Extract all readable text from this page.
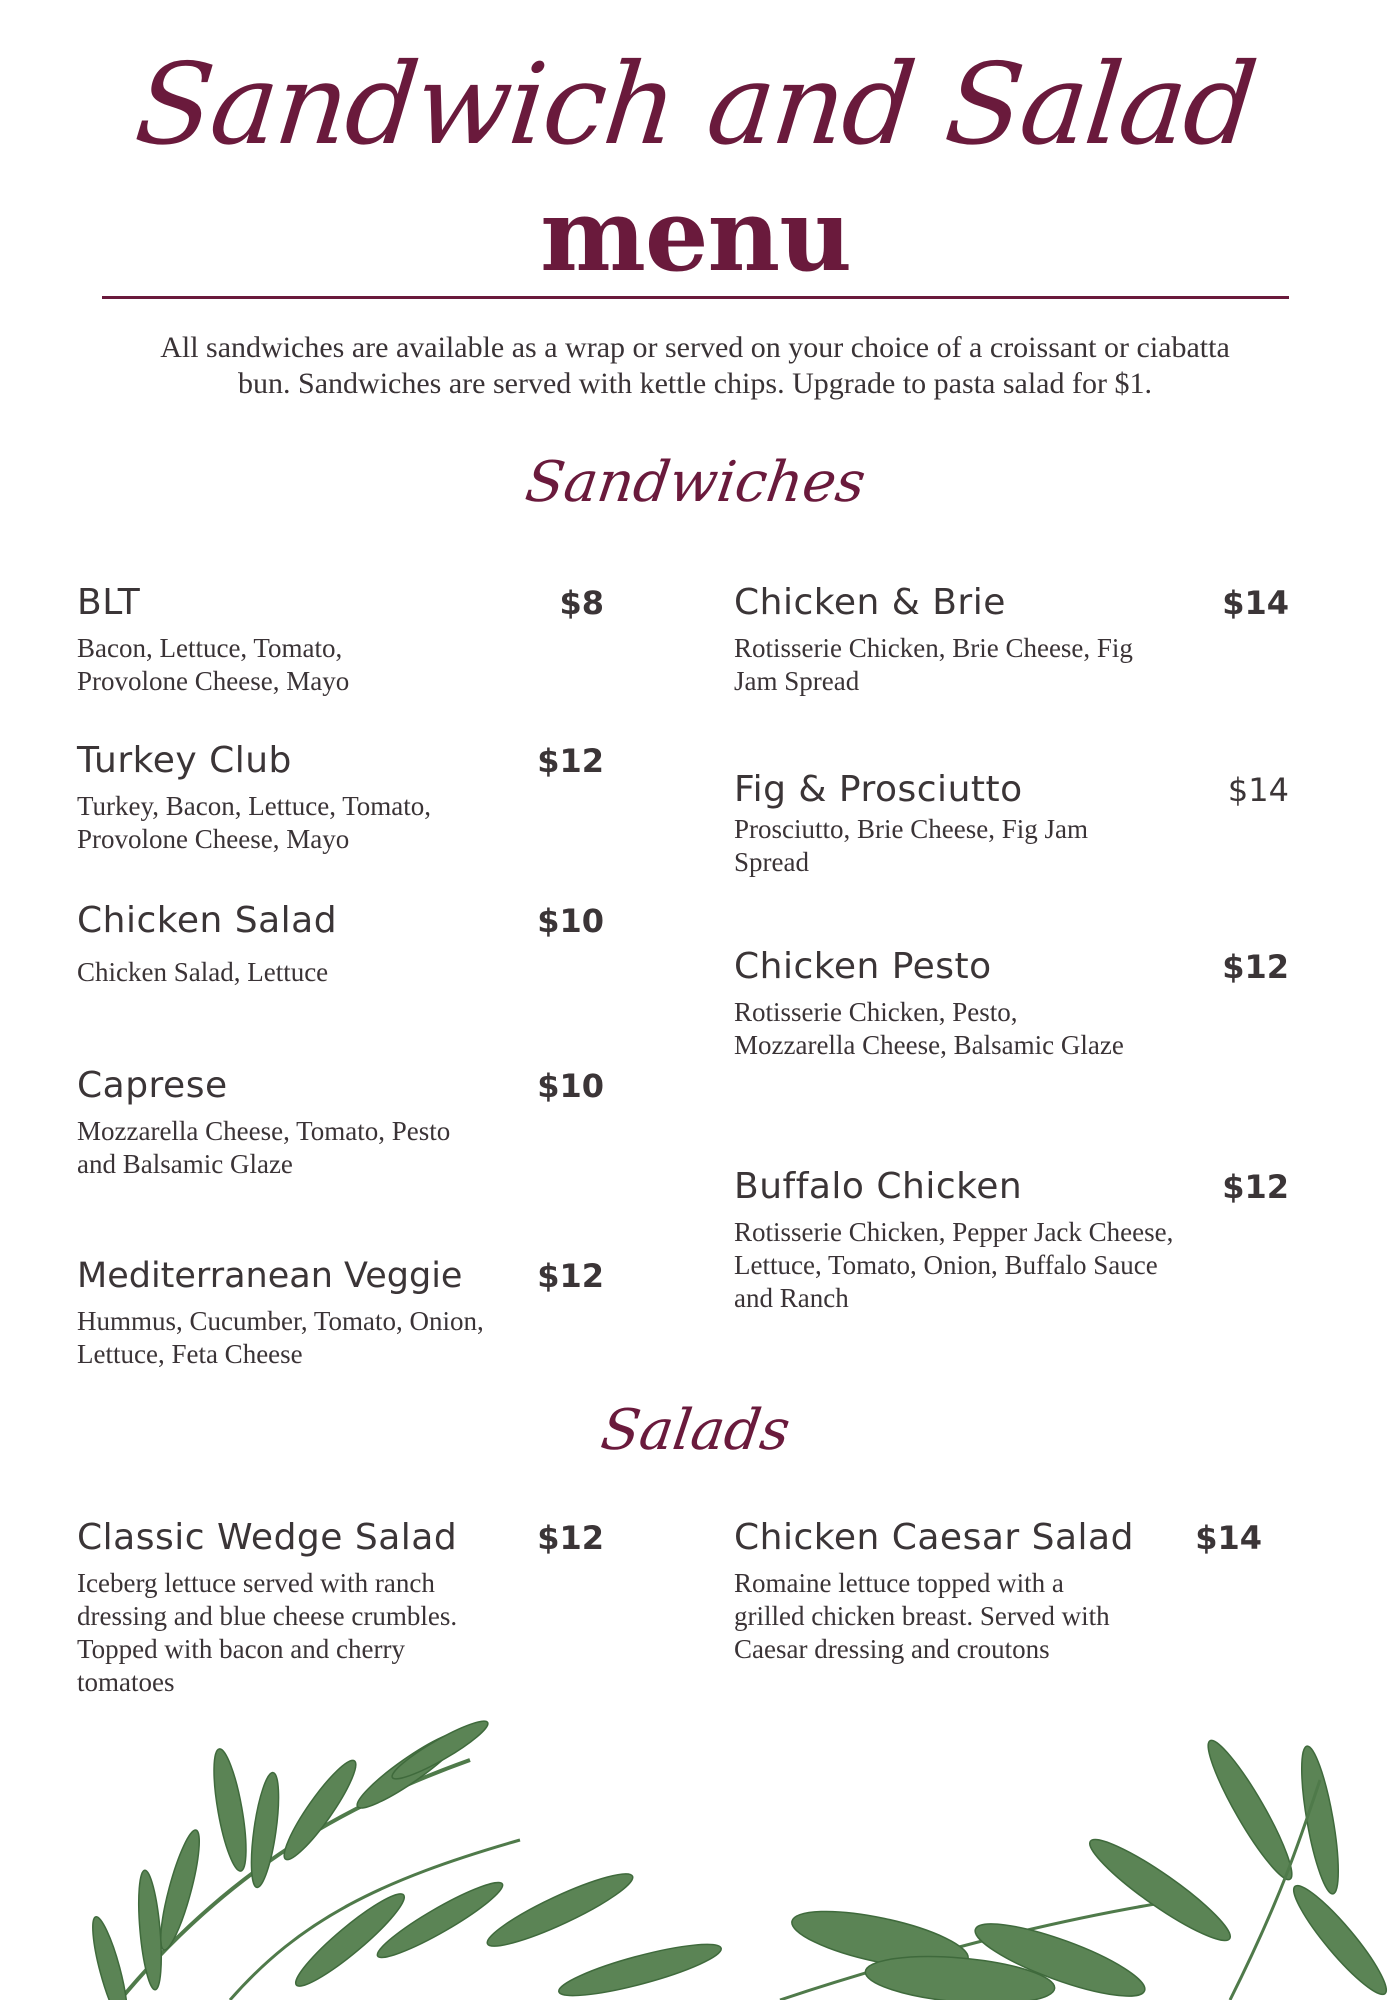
Sandwich and Salad
menu
All sandwiches are available as a wrap or served on your choice of a croissant or ciabatta bun. Sandwiches are served with kettle chips. Upgrade to pasta salad for $1.
Sandwiches
BLT	$8
Bacon, Lettuce, Tomato, Provolone Cheese, Mayo
Turkey Club	$12
Turkey, Bacon, Lettuce, Tomato, Provolone Cheese, Mayo
Chicken Salad	$10
Chicken Salad, Lettuce
Caprese	$10
Mozzarella Cheese, Tomato, Pesto and Balsamic Glaze
Mediterranean Veggie $12
Hummus, Cucumber, Tomato, Onion, Lettuce, Feta Cheese
Chicken & Brie	$14
Rotisserie Chicken, Brie Cheese, Fig Jam Spread
Fig & Prosciutto	$14
Prosciutto, Brie Cheese, Fig Jam Spread
Chicken Pesto	$12
Rotisserie Chicken, Pesto, Mozzarella Cheese, Balsamic Glaze
Buffalo Chicken	$12
Rotisserie Chicken, Pepper Jack Cheese, Lettuce, Tomato, Onion, Buffalo Sauce and Ranch
Salads
Classic Wedge Salad $12
Iceberg lettuce served with ranch dressing and blue cheese crumbles. Topped with bacon and cherry tomatoes
Chicken Caesar Salad $14
Romaine lettuce topped with a grilled chicken breast. Served with Caesar dressing and croutons
